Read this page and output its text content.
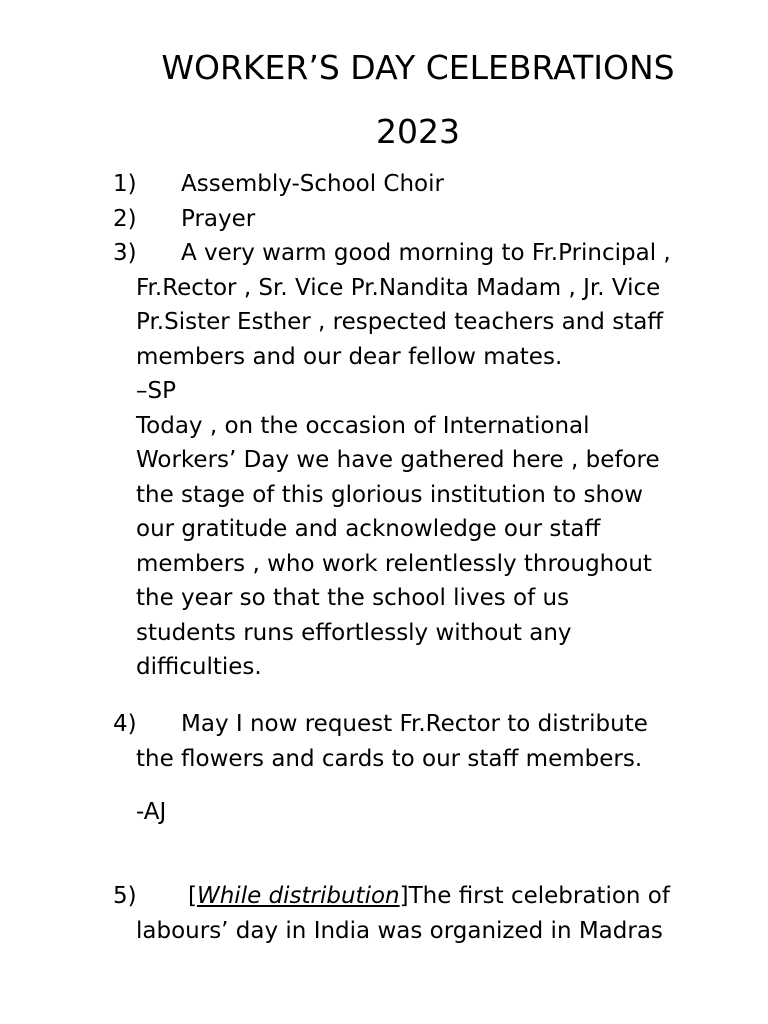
WORKER’S DAY CELEBRATIONS
2023
1)	Assembly-School Choir
2)	Prayer
3)	A very warm good morning to Fr.Principal ,
Fr.Rector , Sr. Vice Pr.Nandita Madam , Jr. Vice
Pr.Sister Esther , respected teachers and staff
members and our dear fellow mates.
–SP
Today , on the occasion of International
Workers’ Day we have gathered here , before
the stage of this glorious institution to show
our gratitude and acknowledge our staff
members , who work relentlessly throughout
the year so that the school lives of us
students runs effortlessly without any
difficulties.
4)	May I now request Fr.Rector to distribute
the flowers and cards to our staff members.
-AJ
5)	[While distribution]The first celebration of
labours’ day in India was organized in Madras
